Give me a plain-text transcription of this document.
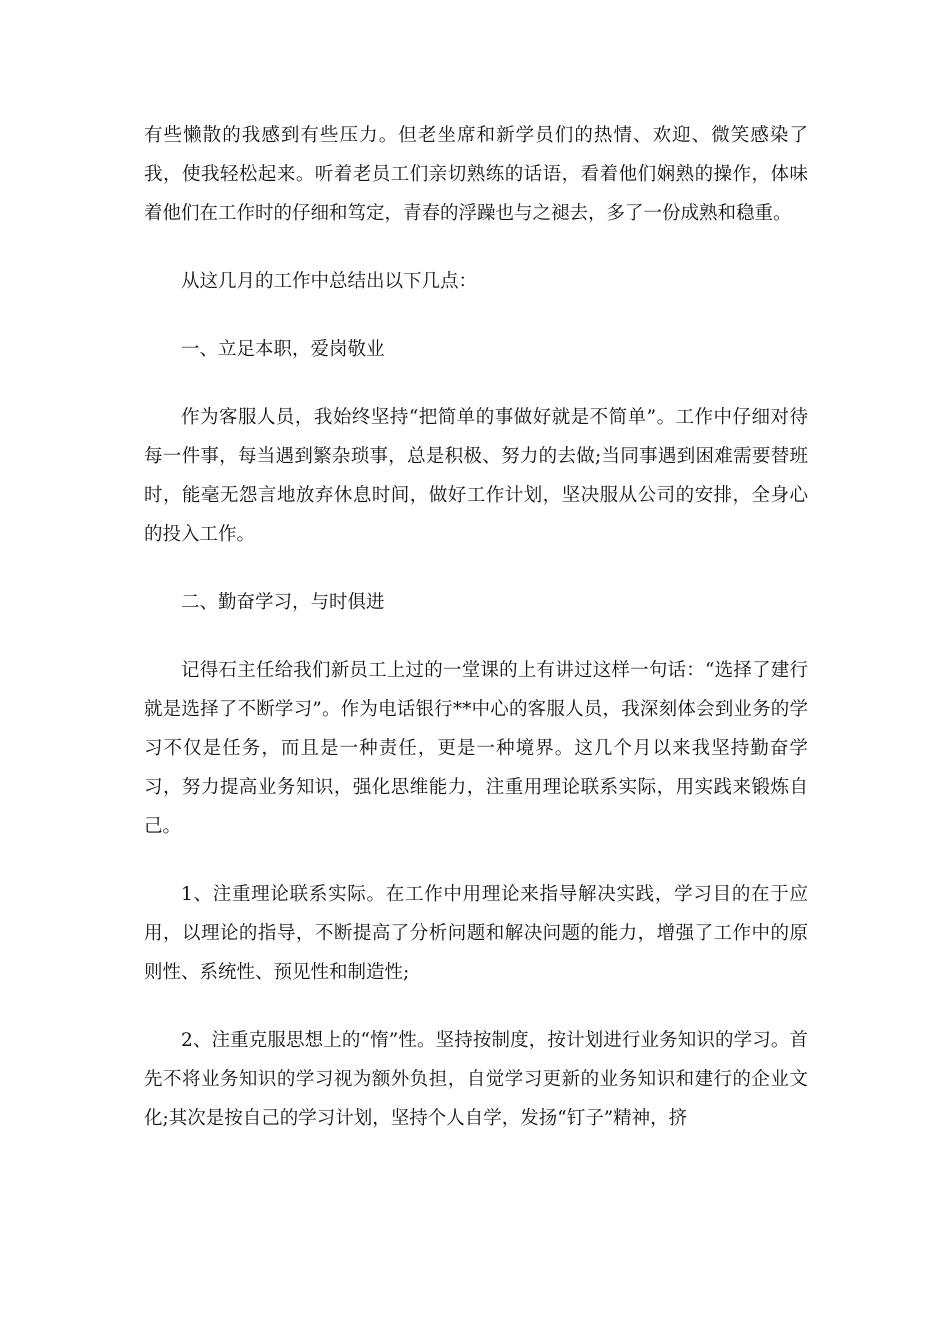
有些懒散的我感到有些压力。但老坐席和新学员们的热情、欢迎、微笑感染了我，使我轻松起来。听着老员工们亲切熟练的话语，看着他们娴熟的操作，体味着他们在工作时的仔细和笃定，青春的浮躁也与之褪去，多了一份成熟和稳重。

从这几月的工作中总结出以下几点：

一、立足本职，爱岗敬业

作为客服人员，我始终坚持“把简单的事做好就是不简单”。工作中仔细对待每一件事，每当遇到繁杂琐事，总是积极、努力的去做;当同事遇到困难需要替班时，能毫无怨言地放弃休息时间，做好工作计划，坚决服从公司的安排，全身心的投入工作。

二、勤奋学习，与时俱进

记得石主任给我们新员工上过的一堂课的上有讲过这样一句话：“选择了建行就是选择了不断学习”。作为电话银行**中心的客服人员，我深刻体会到业务的学习不仅是任务，而且是一种责任，更是一种境界。这几个月以来我坚持勤奋学习，努力提高业务知识，强化思维能力，注重用理论联系实际，用实践来锻炼自己。

1、注重理论联系实际。在工作中用理论来指导解决实践，学习目的在于应用，以理论的指导，不断提高了分析问题和解决问题的能力，增强了工作中的原则性、系统性、预见性和制造性;

2、注重克服思想上的“惰”性。坚持按制度，按计划进行业务知识的学习。首先不将业务知识的学习视为额外负担，自觉学习更新的业务知识和建行的企业文化;其次是按自己的学习计划，坚持个人自学，发扬“钉子”精神，挤
